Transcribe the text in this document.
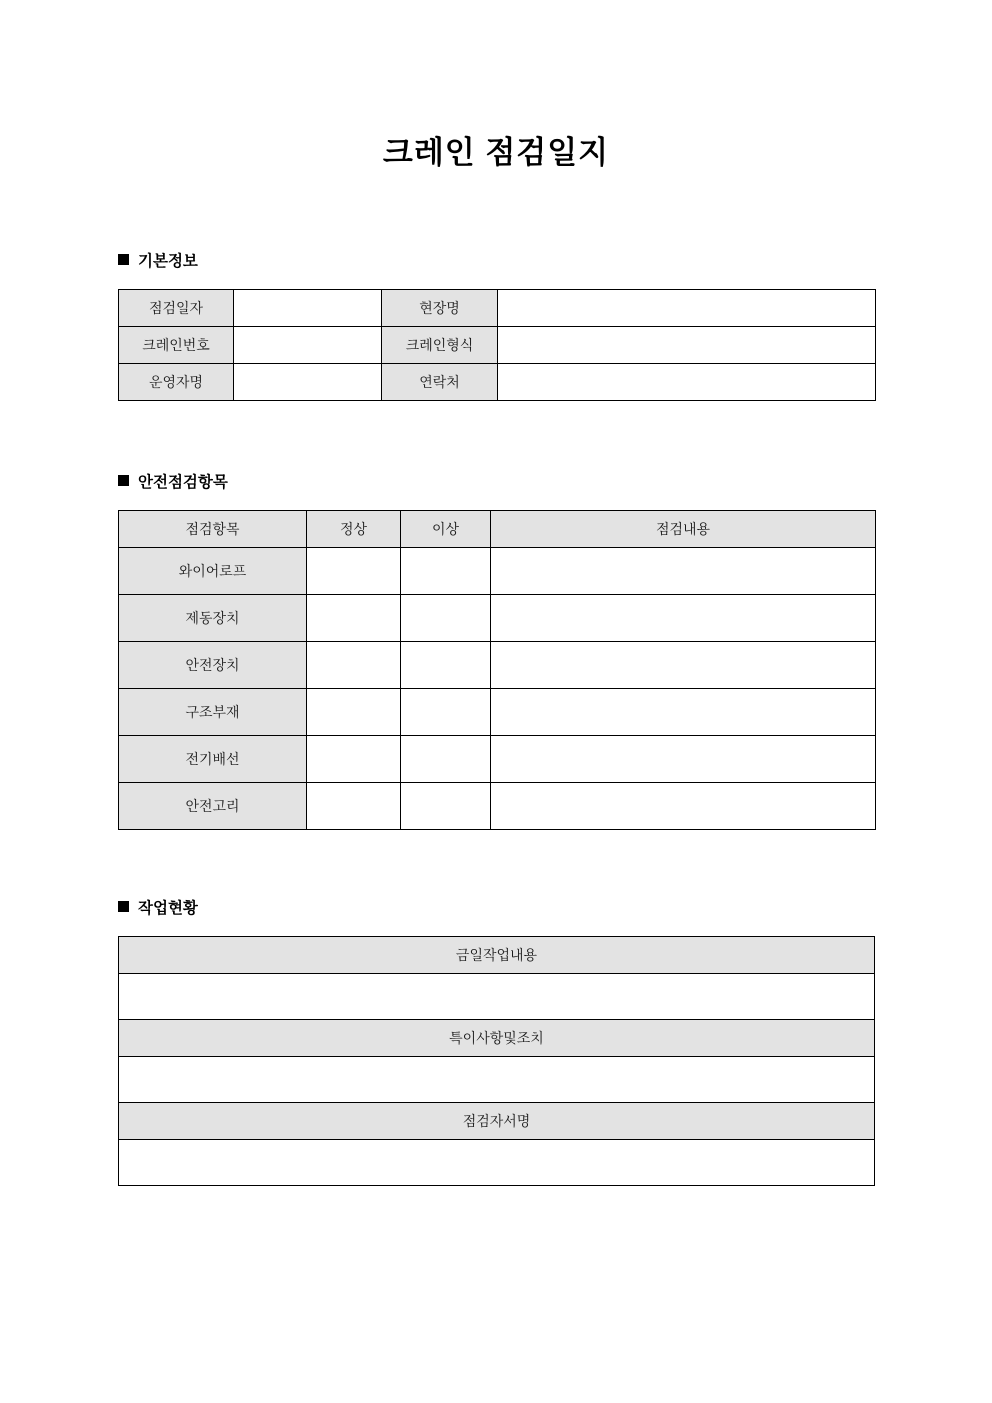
크레인 점검일지
기본정보
점검일자		현장명	
크레인번호		크레인형식	
운영자명		연락처	
안전점검항목
점검항목	정상	이상	점검내용
와이어로프			
제동장치			
안전장치			
구조부재			
전기배선			
안전고리			
작업현황
금일작업내용

특이사항및조치

점검자서명
